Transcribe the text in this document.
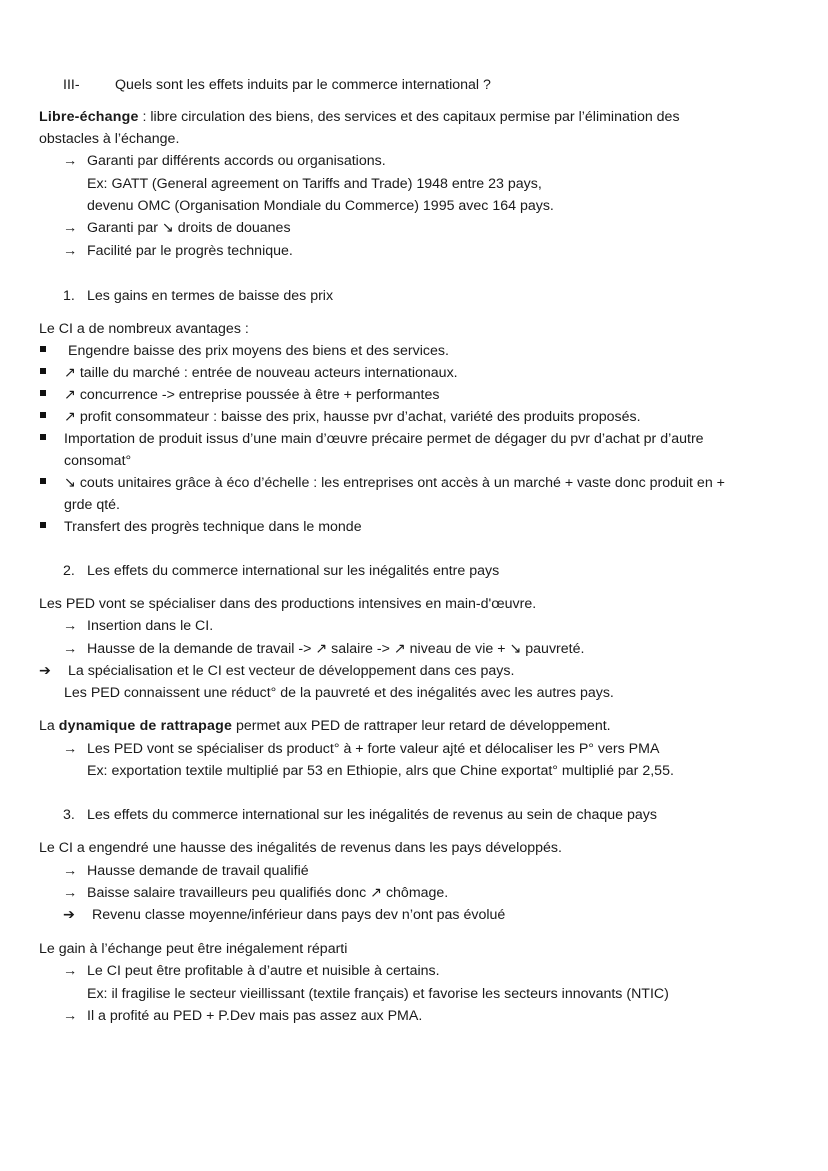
III- Quels sont les effets induits par le commerce international ?
Libre-échange : libre circulation des biens, des services et des capitaux permise par l’élimination des
obstacles à l’échange.
→ Garanti par différents accords ou organisations.
Ex: GATT (General agreement on Tariffs and Trade) 1948 entre 23 pays,
devenu OMC (Organisation Mondiale du Commerce) 1995 avec 164 pays.
→ Garanti par ↘ droits de douanes
→ Facilité par le progrès technique.
1. Les gains en termes de baisse des prix
Le CI a de nombreux avantages :
Engendre baisse des prix moyens des biens et des services.
↗ taille du marché : entrée de nouveau acteurs internationaux.
↗ concurrence -> entreprise poussée à être + performantes
↗ profit consommateur : baisse des prix, hausse pvr d’achat, variété des produits proposés.
Importation de produit issus d’une main d’œuvre précaire permet de dégager du pvr d’achat pr d’autre
consomat°
↘ couts unitaires grâce à éco d’échelle : les entreprises ont accès à un marché + vaste donc produit en +
grde qté.
Transfert des progrès technique dans le monde
2. Les effets du commerce international sur les inégalités entre pays
Les PED vont se spécialiser dans des productions intensives en main-d'œuvre.
→ Insertion dans le CI.
→ Hausse de la demande de travail -> ↗ salaire -> ↗ niveau de vie + ↘ pauvreté.
➔ La spécialisation et le CI est vecteur de développement dans ces pays.
Les PED connaissent une réduct° de la pauvreté et des inégalités avec les autres pays.
La dynamique de rattrapage permet aux PED de rattraper leur retard de développement.
→ Les PED vont se spécialiser ds product° à + forte valeur ajté et délocaliser les P° vers PMA
Ex: exportation textile multiplié par 53 en Ethiopie, alrs que Chine exportat° multiplié par 2,55.
3. Les effets du commerce international sur les inégalités de revenus au sein de chaque pays
Le CI a engendré une hausse des inégalités de revenus dans les pays développés.
→ Hausse demande de travail qualifié
→ Baisse salaire travailleurs peu qualifiés donc ↗ chômage.
➔ Revenu classe moyenne/inférieur dans pays dev n’ont pas évolué
Le gain à l’échange peut être inégalement réparti
→ Le CI peut être profitable à d’autre et nuisible à certains.
Ex: il fragilise le secteur vieillissant (textile français) et favorise les secteurs innovants (NTIC)
→ Il a profité au PED + P.Dev mais pas assez aux PMA.
